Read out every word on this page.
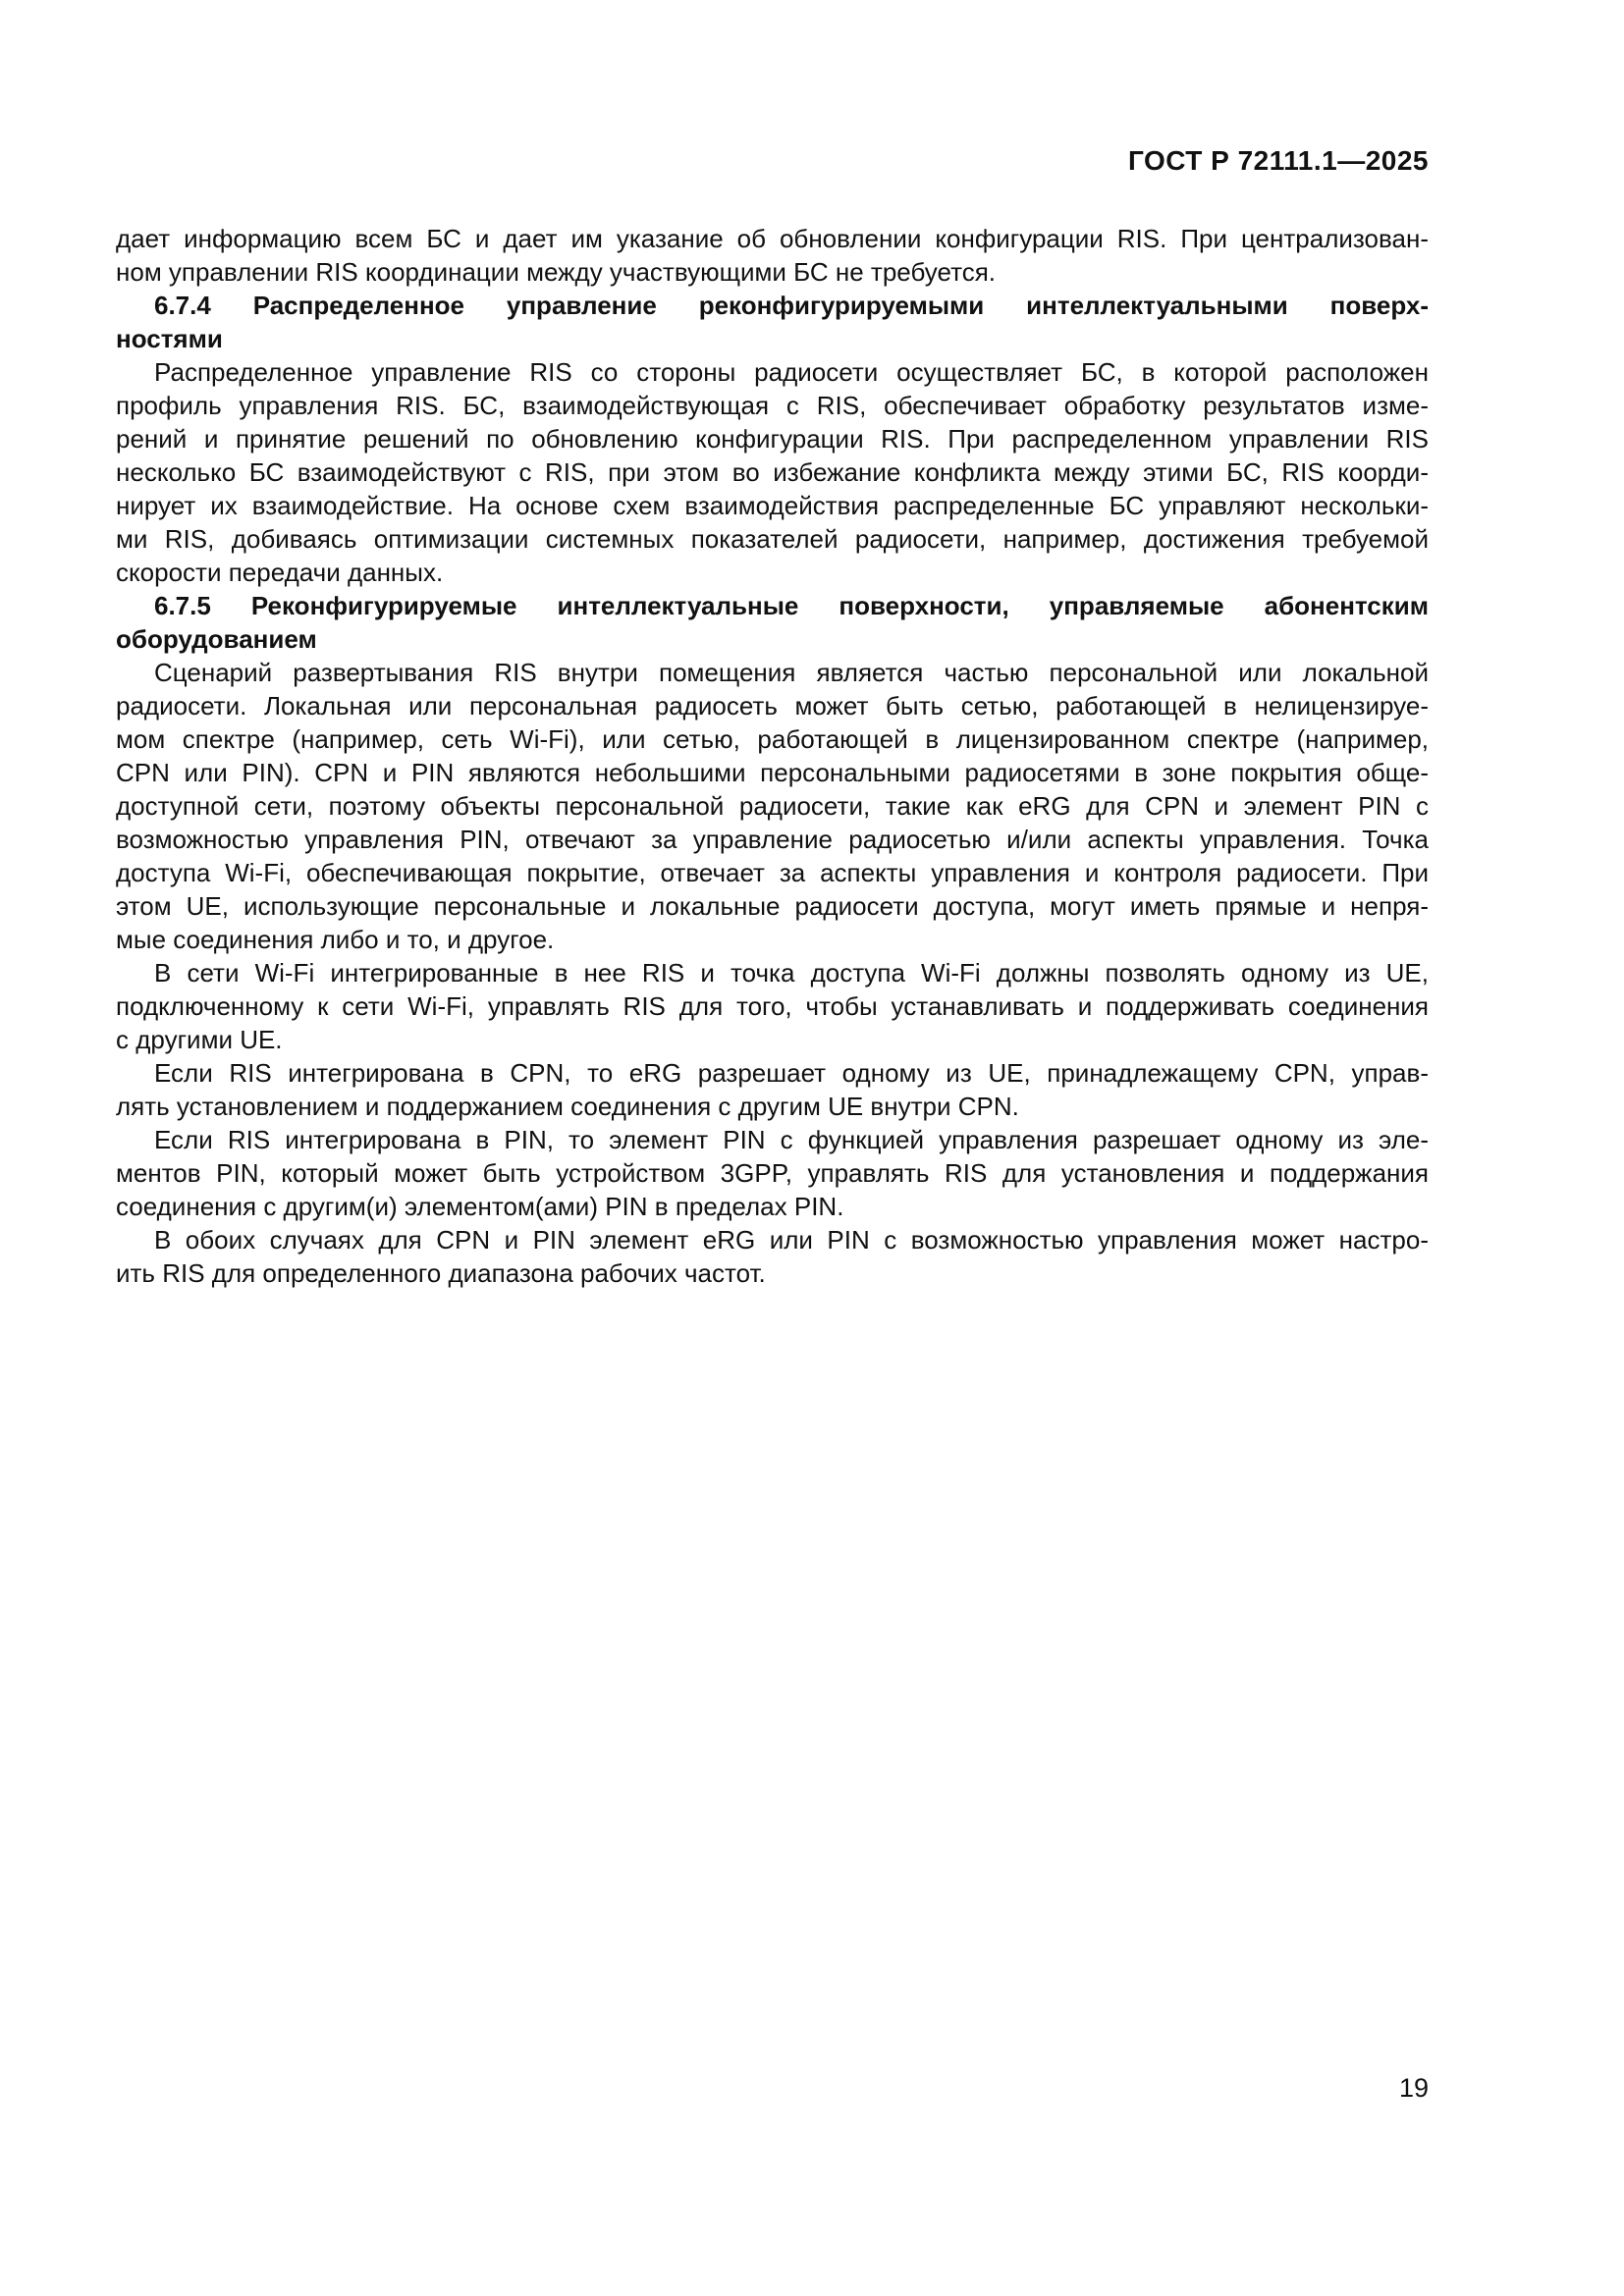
ГОСТ Р 72111.1—2025
дает информацию всем БС и дает им указание об обновлении конфигурации RIS. При централизован-
ном управлении RIS координации между участвующими БС не требуется.
6.7.4 Распределенное управление реконфигурируемыми интеллектуальными поверх-
ностями
Распределенное управление RIS со стороны радиосети осуществляет БС, в которой расположен
профиль управления RIS. БС, взаимодействующая с RIS, обеспечивает обработку результатов изме-
рений и принятие решений по обновлению конфигурации RIS. При распределенном управлении RIS
несколько БС взаимодействуют с RIS, при этом во избежание конфликта между этими БС, RIS коорди-
нирует их взаимодействие. На основе схем взаимодействия распределенные БС управляют нескольки-
ми RIS, добиваясь оптимизации системных показателей радиосети, например, достижения требуемой
скорости передачи данных.
6.7.5 Реконфигурируемые интеллектуальные поверхности, управляемые абонентским
оборудованием
Сценарий развертывания RIS внутри помещения является частью персональной или локальной
радиосети. Локальная или персональная радиосеть может быть сетью, работающей в нелицензируе-
мом спектре (например, сеть Wi-Fi), или сетью, работающей в лицензированном спектре (например,
CPN или PIN). CPN и PIN являются небольшими персональными радиосетями в зоне покрытия обще-
доступной сети, поэтому объекты персональной радиосети, такие как eRG для CPN и элемент PIN с
возможностью управления PIN, отвечают за управление радиосетью и/или аспекты управления. Точка
доступа Wi-Fi, обеспечивающая покрытие, отвечает за аспекты управления и контроля радиосети. При
этом UE, использующие персональные и локальные радиосети доступа, могут иметь прямые и непря-
мые соединения либо и то, и другое.
В сети Wi-Fi интегрированные в нее RIS и точка доступа Wi-Fi должны позволять одному из UE,
подключенному к сети Wi-Fi, управлять RIS для того, чтобы устанавливать и поддерживать соединения
с другими UE.
Если RIS интегрирована в CPN, то eRG разрешает одному из UE, принадлежащему CPN, управ-
лять установлением и поддержанием соединения с другим UE внутри CPN.
Если RIS интегрирована в PIN, то элемент PIN с функцией управления разрешает одному из эле-
ментов PIN, который может быть устройством 3GPP, управлять RIS для установления и поддержания
соединения с другим(и) элементом(ами) PIN в пределах PIN.
В обоих случаях для CPN и PIN элемент eRG или PIN с возможностью управления может настро-
ить RIS для определенного диапазона рабочих частот.
19
